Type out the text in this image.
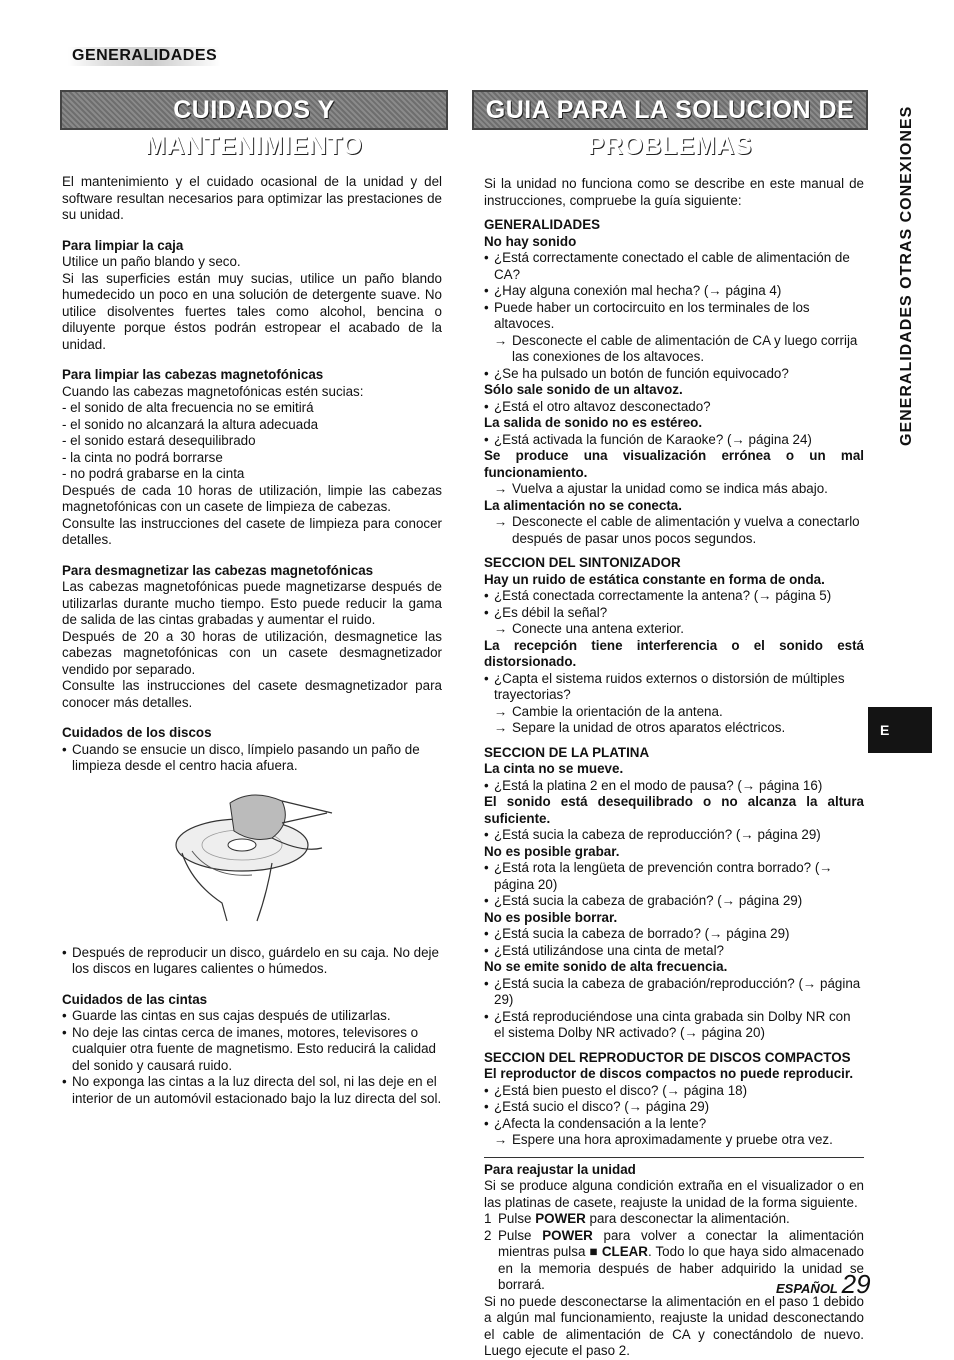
GENERALIDADES
CUIDADOS Y MANTENIMIENTO
GUIA PARA LA SOLUCION DE PROBLEMAS	GENERALIDADES OTRAS CONEXIONES
E

El mantenimiento y el cuidado ocasional de la unidad y del software resultan necesarios para optimizar las prestaciones de su unidad.

Para limpiar la caja

Utilice un paño blando y seco.

Si las superficies están muy sucias, utilice un paño blando humedecido un poco en una solución de detergente suave. No utilice disolventes fuertes tales como alcohol, bencina o diluyente porque éstos podrán estropear el acabado de la unidad.

Para limpiar las cabezas magnetofónicas

Cuando las cabezas magnetofónicas estén sucias:

- el sonido de alta frecuencia no se emitirá
- el sonido no alcanzará la altura adecuada
- el sonido estará desequilibrado
- la cinta no podrá borrarse
- no podrá grabarse en la cinta

Después de cada 10 horas de utilización, limpie las cabezas magnetofónicas con un casete de limpieza de cabezas.

Consulte las instrucciones del casete de limpieza para conocer detalles.

Para desmagnetizar las cabezas magnetofónicas

Las cabezas magnetofónicas puede magnetizarse después de utilizarlas durante mucho tiempo. Esto puede reducir la gama de salida de las cintas grabadas y aumentar el ruido.

Después de 20 a 30 horas de utilización, desmagnetice las cabezas magnetofónicas con un casete desmagnetizador vendido por separado.

Consulte las instrucciones del casete desmagnetizador para conocer más detalles.

Cuidados de los discos
• Cuando se ensucie un disco, límpielo pasando un paño de limpieza desde el centro hacia afuera.
• Después de reproducir un disco, guárdelo en su caja. No deje los discos en lugares calientes o húmedos.
Cuidados de las cintas
• Guarde las cintas en sus cajas después de utilizarlas.
• No deje las cintas cerca de imanes, motores, televisores o cualquier otra fuente de magnetismo. Esto reducirá la calidad del sonido y causará ruido.
• No exponga las cintas a la luz directa del sol, ni las deje en el interior de un automóvil estacionado bajo la luz directa del sol.

Si la unidad no funciona como se describe en este manual de instrucciones, compruebe la guía siguiente:

GENERALIDADES
No hay sonido
• ¿Está correctamente conectado el cable de alimentación de CA?
• ¿Hay alguna conexión mal hecha? (→ página 4)
• Puede haber un cortocircuito en los terminales de los altavoces.
→ Desconecte el cable de alimentación de CA y luego corrija las conexiones de los altavoces.
• ¿Se ha pulsado un botón de función equivocado?
Sólo sale sonido de un altavoz.
• ¿Está el otro altavoz desconectado?
La salida de sonido no es estéreo.
• ¿Está activada la función de Karaoke? (→ página 24)
Se produce una visualización errónea o un mal funcionamiento.
→ Vuelva a ajustar la unidad como se indica más abajo.
La alimentación no se conecta.
→ Desconecte el cable de alimentación y vuelva a conectarlo después de pasar unos pocos segundos.
SECCION DEL SINTONIZADOR
Hay un ruido de estática constante en forma de onda.
• ¿Está conectada correctamente la antena? (→ página 5)
• ¿Es débil la señal?
→ Conecte una antena exterior.
La recepción tiene interferencia o el sonido está distorsionado.
• ¿Capta el sistema ruidos externos o distorsión de múltiples trayectorias?
→ Cambie la orientación de la antena.
→ Separe la unidad de otros aparatos eléctricos.
SECCION DE LA PLATINA
La cinta no se mueve.
• ¿Está la platina 2 en el modo de pausa? (→ página 16)
El sonido está desequilibrado o no alcanza la altura suficiente.
• ¿Está sucia la cabeza de reproducción? (→ página 29)
No es posible grabar.
• ¿Está rota la lengüeta de prevención contra borrado? (→ página 20)
• ¿Está sucia la cabeza de grabación? (→ página 29)
No es posible borrar.
• ¿Está sucia la cabeza de borrado? (→ página 29)
• ¿Está utilizándose una cinta de metal?
No se emite sonido de alta frecuencia.
• ¿Está sucia la cabeza de grabación/reproducción? (→ página 29)
• ¿Está reproduciéndose una cinta grabada sin Dolby NR con el sistema Dolby NR activado? (→ página 20)
SECCION DEL REPRODUCTOR DE DISCOS COMPACTOS
El reproductor de discos compactos no puede reproducir.
• ¿Está bien puesto el disco? (→ página 18)
• ¿Está sucio el disco? (→ página 29)
• ¿Afecta la condensación a la lente?
→ Espere una hora aproximadamente y pruebe otra vez.
Para reajustar la unidad

Si se produce alguna condición extraña en el visualizador o en las platinas de casete, reajuste la unidad de la forma siguiente.

1 Pulse POWER para desconectar la alimentación.
2 Pulse POWER para volver a conectar la alimentación mientras pulsa ■ CLEAR. Todo lo que haya sido almacenado en la memoria después de haber adquirido la unidad se borrará.

Si no puede desconectarse la alimentación en el paso 1 debido a algún mal funcionamiento, reajuste la unidad desconectando el cable de alimentación de CA y conectándolo de nuevo. Luego ejecute el paso 2.

ESPAÑOL 29
